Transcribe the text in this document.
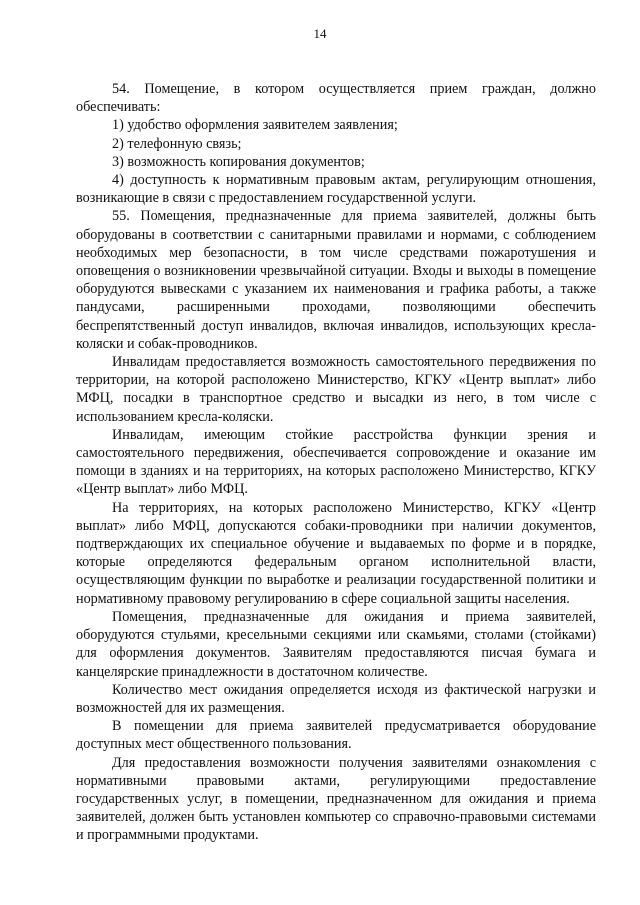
14

54. Помещение, в котором осуществляется прием граждан, должно обеспечивать:

1) удобство оформления заявителем заявления;

2) телефонную связь;

3) возможность копирования документов;

4) доступность к нормативным правовым актам, регулирующим отношения, возникающие в связи с предоставлением государственной услуги.

55. Помещения, предназначенные для приема заявителей, должны быть оборудованы в соответствии с санитарными правилами и нормами, с соблюдением необходимых мер безопасности, в том числе средствами пожаротушения и оповещения о возникновении чрезвычайной ситуации. Входы и выходы в помещение оборудуются вывесками с указанием их наименования и графика работы, а также пандусами, расширенными проходами, позволяющими обеспечить беспрепятственный доступ инвалидов, включая инвалидов, использующих кресла-коляски и собак-проводников.

Инвалидам предоставляется возможность самостоятельного передвижения по территории, на которой расположено Министерство, КГКУ «Центр выплат» либо МФЦ, посадки в транспортное средство и высадки из него, в том числе с использованием кресла-коляски.

Инвалидам, имеющим стойкие расстройства функции зрения и самостоятельного передвижения, обеспечивается сопровождение и оказание им помощи в зданиях и на территориях, на которых расположено Министерство, КГКУ «Центр выплат» либо МФЦ.

На территориях, на которых расположено Министерство, КГКУ «Центр выплат» либо МФЦ, допускаются собаки-проводники при наличии документов, подтверждающих их специальное обучение и выдаваемых по форме и в порядке, которые определяются федеральным органом исполнительной власти, осуществляющим функции по выработке и реализации государственной политики и нормативному правовому регулированию в сфере социальной защиты населения.

Помещения, предназначенные для ожидания и приема заявителей, оборудуются стульями, кресельными секциями или скамьями, столами (стойками) для оформления документов. Заявителям предоставляются писчая бумага и канцелярские принадлежности в достаточном количестве.

Количество мест ожидания определяется исходя из фактической нагрузки и возможностей для их размещения.

В помещении для приема заявителей предусматривается оборудование доступных мест общественного пользования.

Для предоставления возможности получения заявителями ознакомления с нормативными правовыми актами, регулирующими предоставление государственных услуг, в помещении, предназначенном для ожидания и приема заявителей, должен быть установлен компьютер со справочно-правовыми системами и программными продуктами.
